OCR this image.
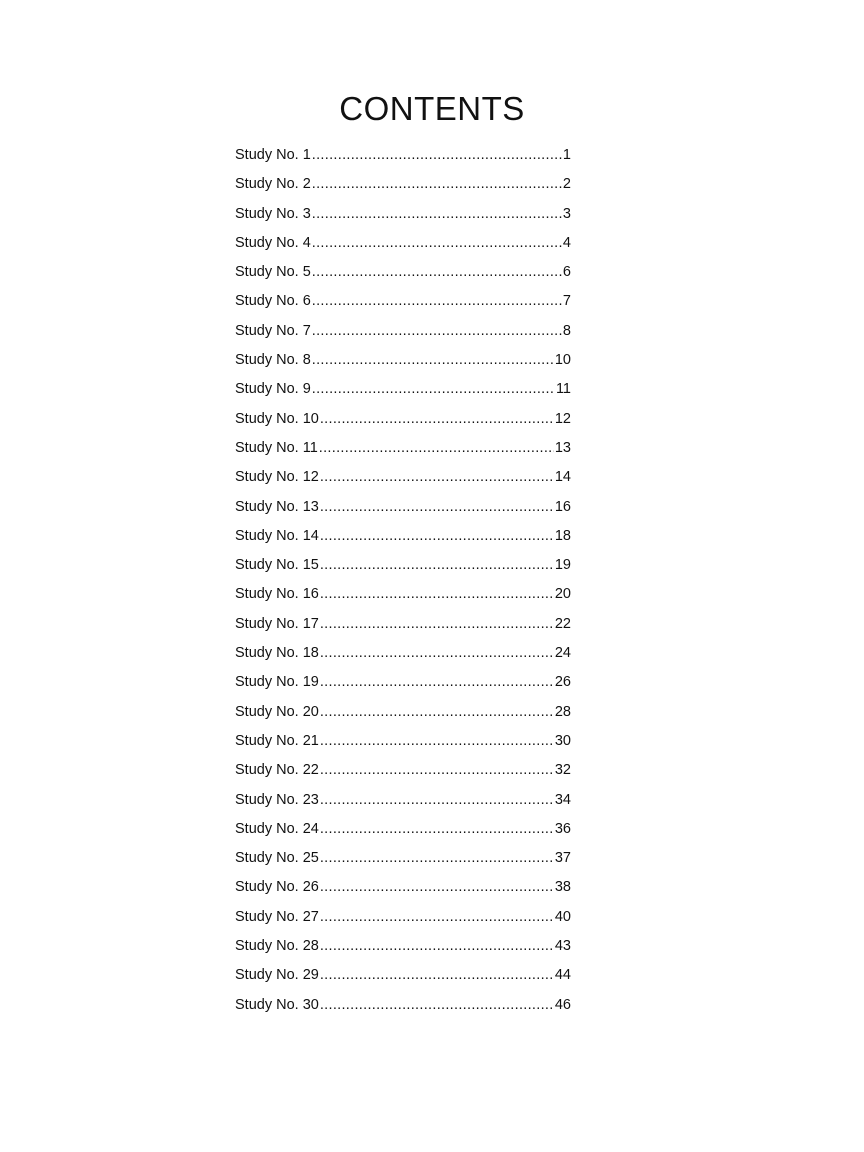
CONTENTS
Study No. 1 .....	1
Study No. 2 .....	2
Study No. 3 .....	3
Study No. 4 .....	4
Study No. 5 .....	6
Study No. 6 .....	7
Study No. 7 .....	8
Study No. 8 .....	10
Study No. 9 .....	11
Study No. 10 .....	12
Study No. 11 .....	13
Study No. 12 .....	14
Study No. 13 .....	16
Study No. 14 .....	18
Study No. 15 .....	19
Study No. 16 .....	20
Study No. 17 .....	22
Study No. 18 .....	24
Study No. 19 .....	26
Study No. 20 .....	28
Study No. 21 .....	30
Study No. 22 .....	32
Study No. 23 .....	34
Study No. 24 .....	36
Study No. 25 .....	37
Study No. 26 .....	38
Study No. 27 .....	40
Study No. 28 .....	43
Study No. 29 .....	44
Study No. 30 .....	46
